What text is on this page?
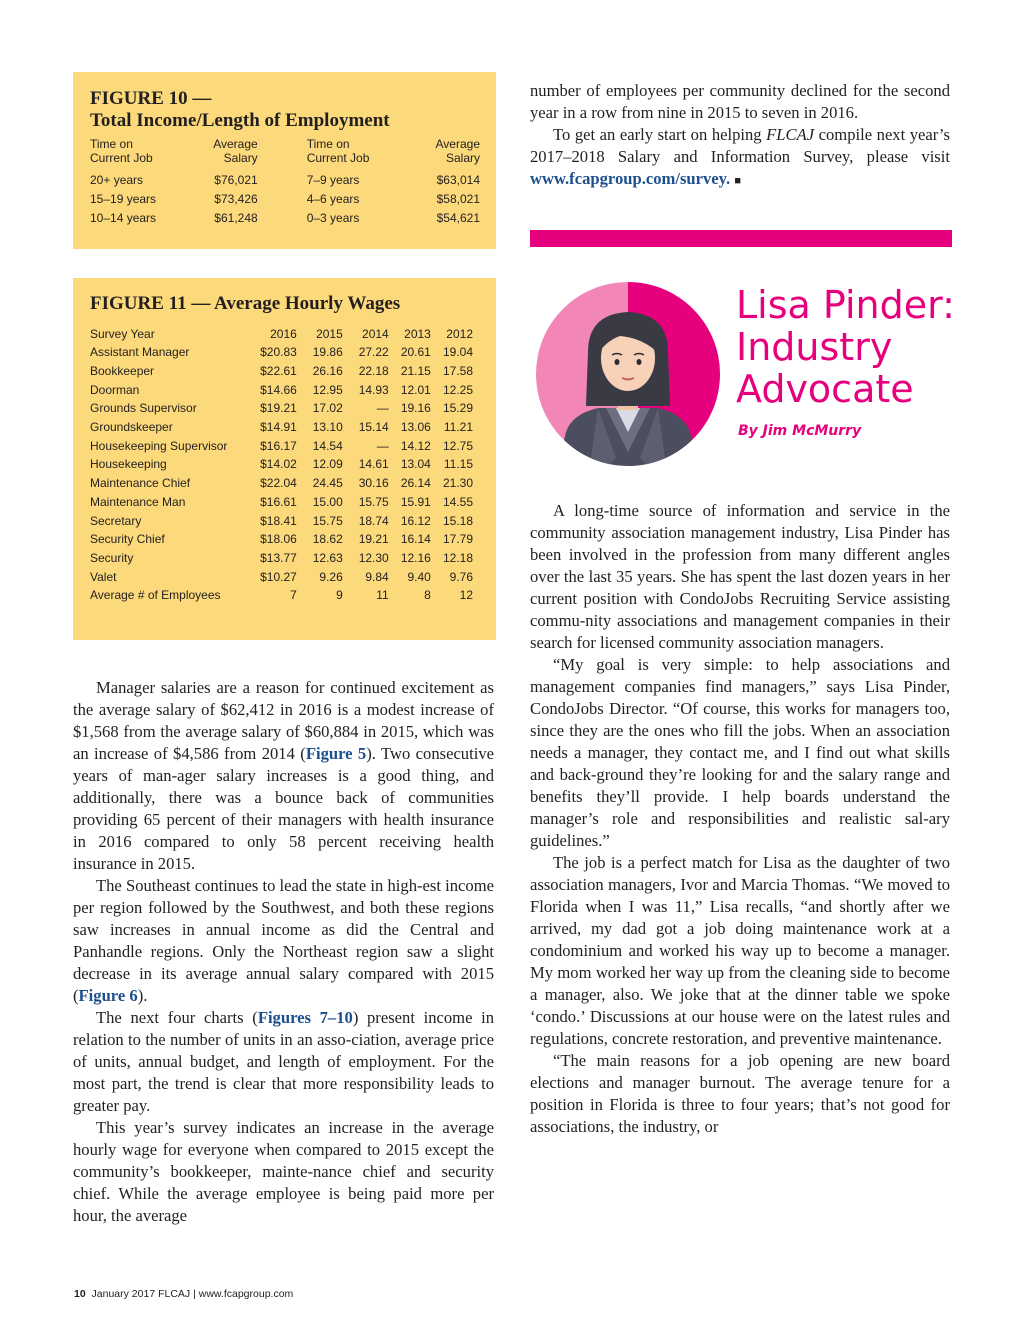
FIGURE 10 —
Total Income/Length of Employment
Time on	Average	Time on	Average
Current Job	Salary	Current Job	Salary

20+ years	$76,021	7–9 years	$63,014
15–19 years	$73,426	4–6 years	$58,021
10–14 years	$61,248	0–3 years	$54,621
FIGURE 11 — Average Hourly Wages
Survey Year	2016	2015	2014	2013	2012
Assistant Manager	$20.83	19.86	27.22	20.61	19.04
Bookkeeper	$22.61	26.16	22.18	21.15	17.58
Doorman	$14.66	12.95	14.93	12.01	12.25
Grounds Supervisor	$19.21	17.02	—	19.16	15.29
Groundskeeper	$14.91	13.10	15.14	13.06	11.21
Housekeeping Supervisor	$16.17	14.54	—	14.12	12.75
Housekeeping	$14.02	12.09	14.61	13.04	11.15
Maintenance Chief	$22.04	24.45	30.16	26.14	21.30
Maintenance Man	$16.61	15.00	15.75	15.91	14.55
Secretary	$18.41	15.75	18.74	16.12	15.18
Security Chief	$18.06	18.62	19.21	16.14	17.79
Security	$13.77	12.63	12.30	12.16	12.18
Valet	$10.27	9.26	9.84	9.40	9.76
Average # of Employees	7	9	11	8	12

Manager salaries are a reason for continued excitement as the average salary of $62,412 in 2016 is a modest increase of $1,568 from the average salary of $60,884 in 2015, which was an increase of $4,586 from 2014 (Figure 5). Two consecutive years of man-ager salary increases is a good thing, and additionally, there was a bounce back of communities providing 65 percent of their managers with health insurance in 2016 compared to only 58 percent receiving health insurance in 2015.

The Southeast continues to lead the state in high-est income per region followed by the Southwest, and both these regions saw increases in annual income as did the Central and Panhandle regions. Only the Northeast region saw a slight decrease in its average annual salary compared with 2015 (Figure 6).

The next four charts (Figures 7–10) present income in relation to the number of units in an asso-ciation, average price of units, annual budget, and length of employment. For the most part, the trend is clear that more responsibility leads to greater pay.

This year’s survey indicates an increase in the average hourly wage for everyone when compared to 2015 except the community’s bookkeeper, mainte-nance chief and security chief. While the average employee is being paid more per hour, the average

number of employees per community declined for the second year in a row from nine in 2015 to seven in 2016.

To get an early start on helping FLCAJ compile next year’s 2017–2018 Salary and Information Survey, please visit www.fcapgroup.com/survey. ■

Lisa Pinder:
Industry
Advocate
By Jim McMurry

A long-time source of information and service in the community association management industry, Lisa Pinder has been involved in the profession from many different angles over the last 35 years. She has spent the last dozen years in her current position with CondoJobs Recruiting Service assisting commu-nity associations and management companies in their search for licensed community association managers.

“My goal is very simple: to help associations and management companies find managers,” says Lisa Pinder, CondoJobs Director. “Of course, this works for managers too, since they are the ones who fill the jobs. When an association needs a manager, they contact me, and I find out what skills and back-ground they’re looking for and the salary range and benefits they’ll provide. I help boards understand the manager’s role and responsibilities and realistic sal-ary guidelines.”

The job is a perfect match for Lisa as the daughter of two association managers, Ivor and Marcia Thomas. “We moved to Florida when I was 11,” Lisa recalls, “and shortly after we arrived, my dad got a job doing maintenance work at a condominium and worked his way up to become a manager. My mom worked her way up from the cleaning side to become a manager, also. We joke that at the dinner table we spoke ‘condo.’ Discussions at our house were on the latest rules and regulations, concrete restoration, and preventive maintenance.

“The main reasons for a job opening are new board elections and manager burnout. The average tenure for a position in Florida is three to four years; that’s not good for associations, the industry, or

10 January 2017 FLCAJ | www.fcapgroup.com
